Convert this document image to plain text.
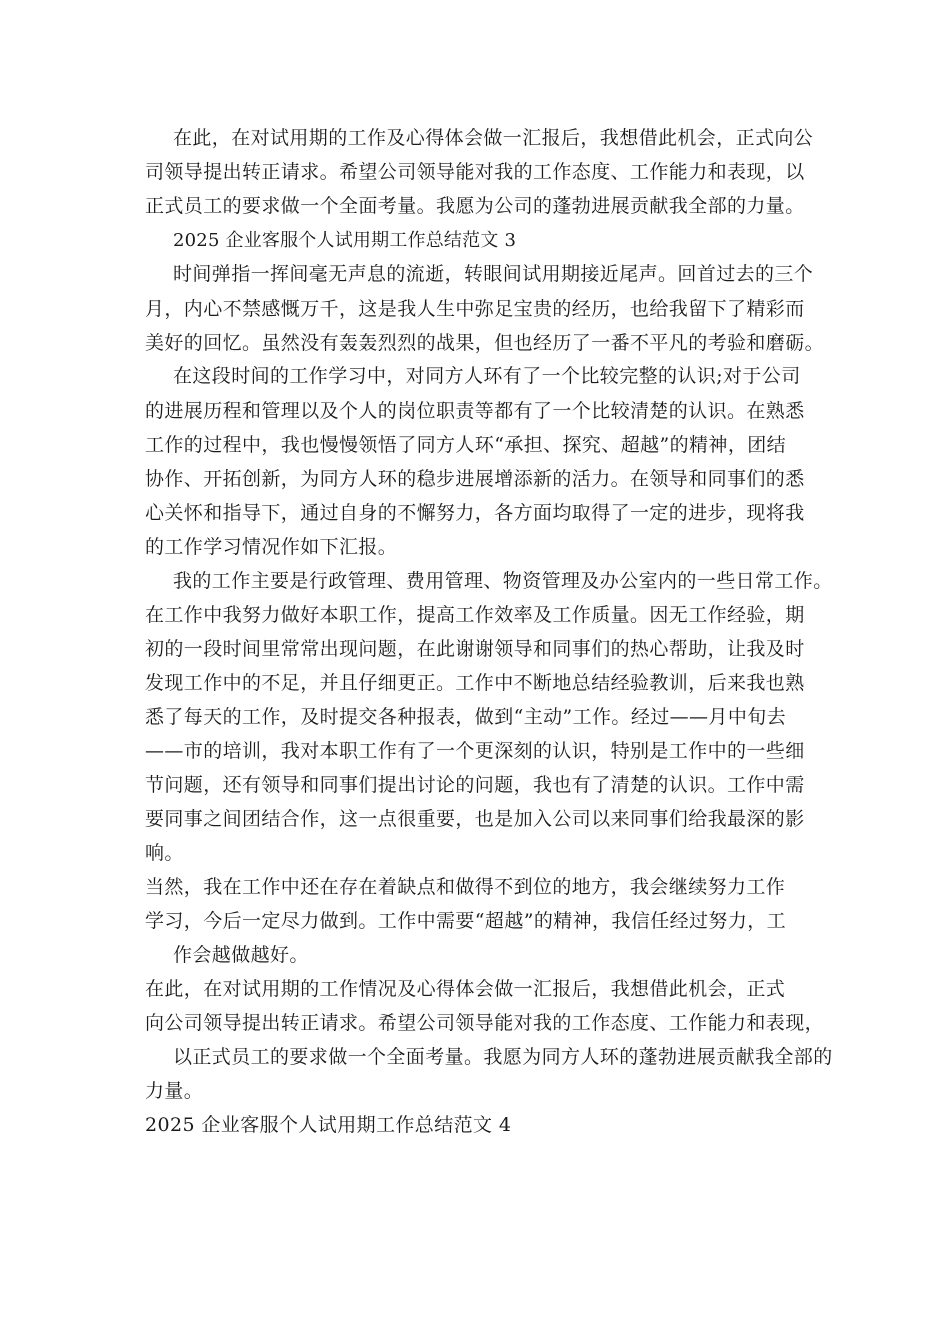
在此，在对试用期的工作及心得体会做一汇报后，我想借此机会，正式向公
司领导提出转正请求。希望公司领导能对我的工作态度、工作能力和表现，以
正式员工的要求做一个全面考量。我愿为公司的蓬勃进展贡献我全部的力量。
2025 企业客服个人试用期工作总结范文 3
时间弹指一挥间毫无声息的流逝，转眼间试用期接近尾声。回首过去的三个
月，内心不禁感慨万千，这是我人生中弥足宝贵的经历，也给我留下了精彩而
美好的回忆。虽然没有轰轰烈烈的战果，但也经历了一番不平凡的考验和磨砺。
在这段时间的工作学习中，对同方人环有了一个比较完整的认识;对于公司
的进展历程和管理以及个人的岗位职责等都有了一个比较清楚的认识。在熟悉
工作的过程中，我也慢慢领悟了同方人环“承担、探究、超越”的精神，团结
协作、开拓创新，为同方人环的稳步进展增添新的活力。在领导和同事们的悉
心关怀和指导下，通过自身的不懈努力，各方面均取得了一定的进步，现将我
的工作学习情况作如下汇报。
我的工作主要是行政管理、费用管理、物资管理及办公室内的一些日常工作。
在工作中我努力做好本职工作，提高工作效率及工作质量。因无工作经验，期
初的一段时间里常常出现问题，在此谢谢领导和同事们的热心帮助，让我及时
发现工作中的不足，并且仔细更正。工作中不断地总结经验教训，后来我也熟
悉了每天的工作，及时提交各种报表，做到“主动”工作。经过——月中旬去
——市的培训，我对本职工作有了一个更深刻的认识，特别是工作中的一些细
节问题，还有领导和同事们提出讨论的问题，我也有了清楚的认识。工作中需
要同事之间团结合作，这一点很重要，也是加入公司以来同事们给我最深的影
响。
当然，我在工作中还在存在着缺点和做得不到位的地方，我会继续努力工作
学习，今后一定尽力做到。工作中需要“超越”的精神，我信任经过努力，工
作会越做越好。
在此，在对试用期的工作情况及心得体会做一汇报后，我想借此机会，正式
向公司领导提出转正请求。希望公司领导能对我的工作态度、工作能力和表现，
以正式员工的要求做一个全面考量。我愿为同方人环的蓬勃进展贡献我全部的
力量。
2025 企业客服个人试用期工作总结范文 4
